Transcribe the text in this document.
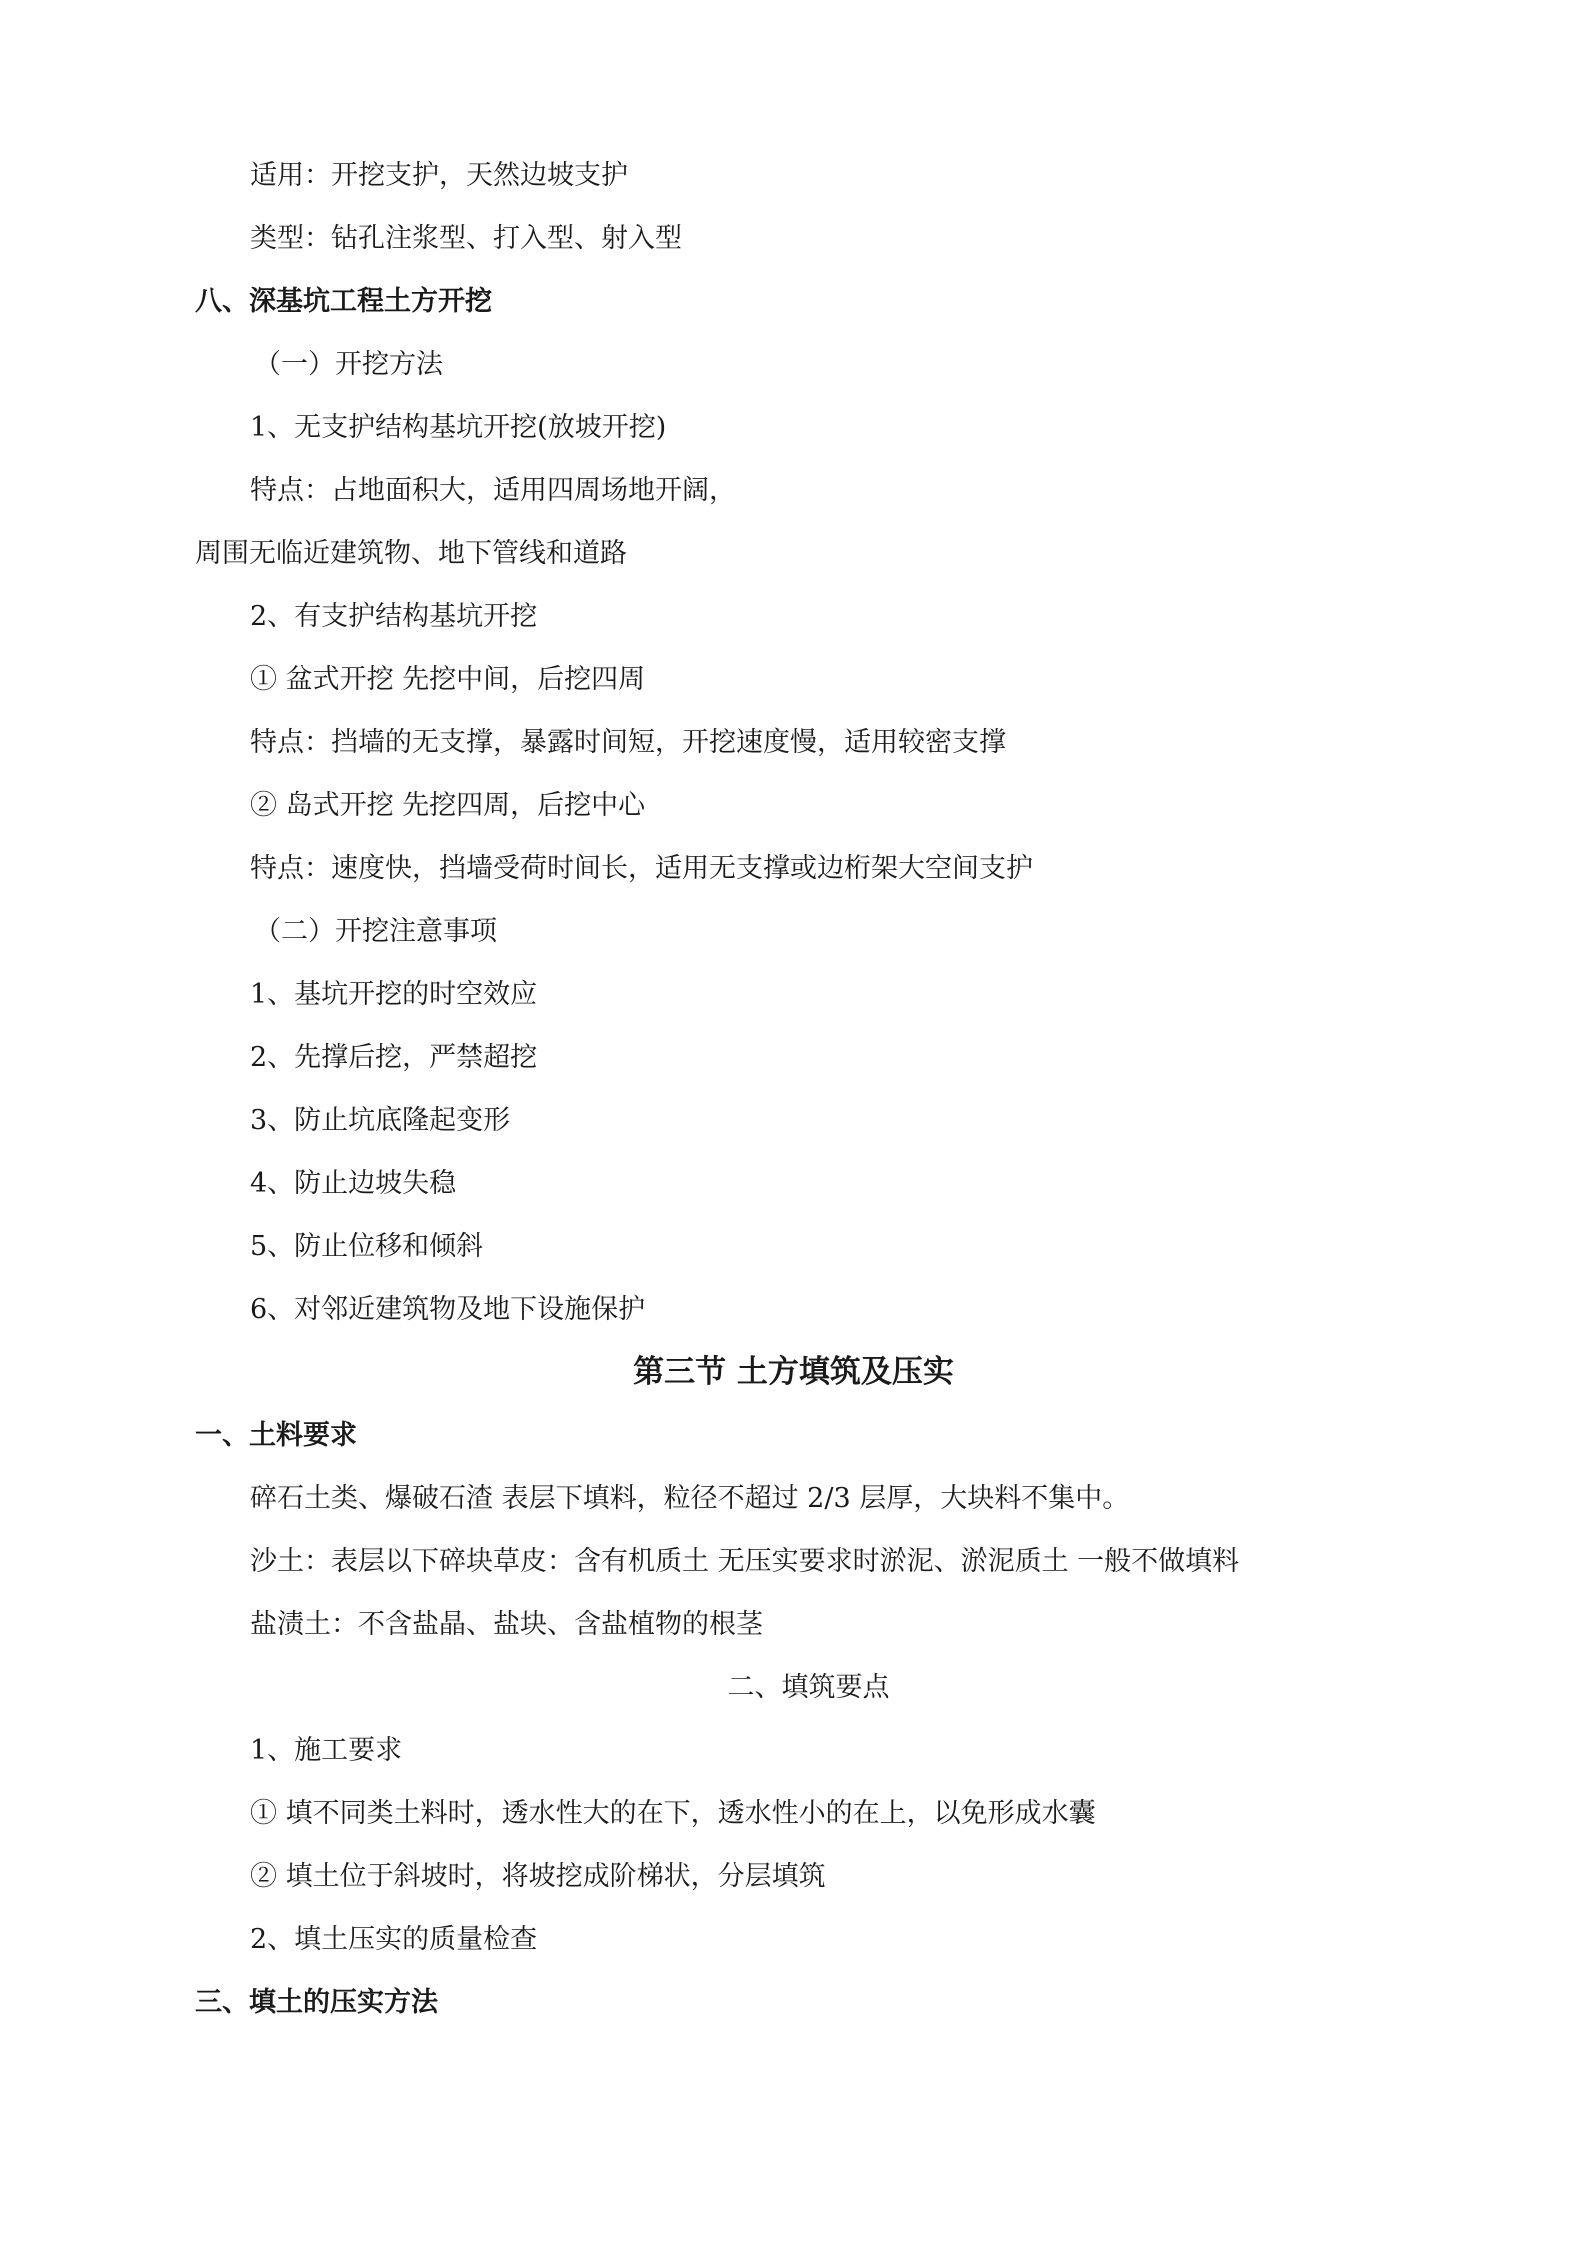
适用：开挖支护，天然边坡支护
类型：钻孔注浆型、打入型、射入型
八、深基坑工程土方开挖
（一）开挖方法
1、无支护结构基坑开挖(放坡开挖)
特点：占地面积大，适用四周场地开阔，
周围无临近建筑物、地下管线和道路
2、有支护结构基坑开挖
① 盆式开挖 先挖中间，后挖四周
特点：挡墙的无支撑，暴露时间短，开挖速度慢，适用较密支撑
② 岛式开挖 先挖四周，后挖中心
特点：速度快，挡墙受荷时间长，适用无支撑或边桁架大空间支护
（二）开挖注意事项
1、基坑开挖的时空效应
2、先撑后挖，严禁超挖
3、防止坑底隆起变形
4、防止边坡失稳
5、防止位移和倾斜
6、对邻近建筑物及地下设施保护
第三节 土方填筑及压实
一、土料要求
碎石土类、爆破石渣 表层下填料，粒径不超过 2/3 层厚，大块料不集中。
沙土：表层以下碎块草皮：含有机质土 无压实要求时淤泥、淤泥质土 一般不做填料
盐渍土：不含盐晶、盐块、含盐植物的根茎
二、填筑要点
1、施工要求
① 填不同类土料时，透水性大的在下，透水性小的在上，以免形成水囊
② 填土位于斜坡时，将坡挖成阶梯状，分层填筑
2、填土压实的质量检查
三、填土的压实方法
